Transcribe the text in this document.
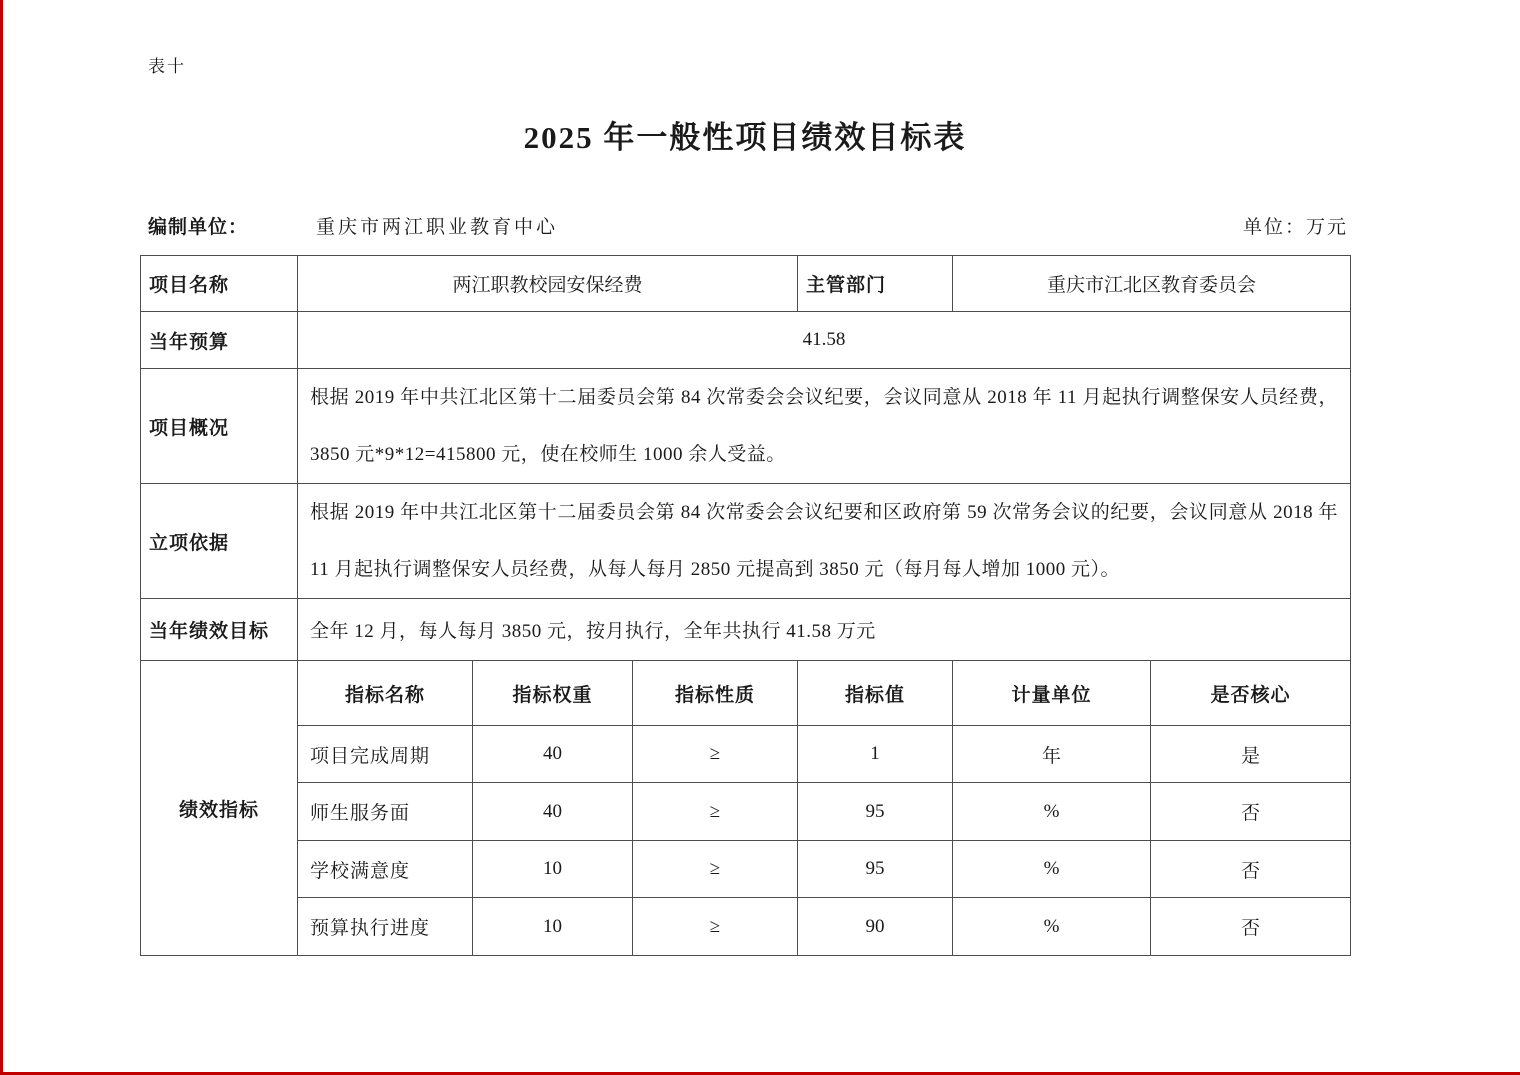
表十
2025 年一般性项目绩效目标表
编制单位：	重庆市两江职业教育中心	单位：万元
项目名称	两江职教校园安保经费			主管部门	重庆市江北区教育委员会	
当年预算	41.58					
项目概况	根据 2019 年中共江北区第十二届委员会第 84 次常委会会议纪要，会议同意从 2018 年 11 月起执行调整保安人员经费，3850 元*9*12=415800 元，使在校师生 1000 余人受益。					
立项依据	根据 2019 年中共江北区第十二届委员会第 84 次常委会会议纪要和区政府第 59 次常务会议的纪要，会议同意从 2018 年 11 月起执行调整保安人员经费，从每人每月 2850 元提高到 3850 元（每月每人增加 1000 元）。					
当年绩效目标	全年 12 月，每人每月 3850 元，按月执行，全年共执行 41.58 万元					
绩效指标	指标名称	指标权重	指标性质	指标值	计量单位	是否核心
	项目完成周期	40	≥	1	年	是
	师生服务面	40	≥	95	%	否
	学校满意度	10	≥	95	%	否
	预算执行进度	10	≥	90	%	否
